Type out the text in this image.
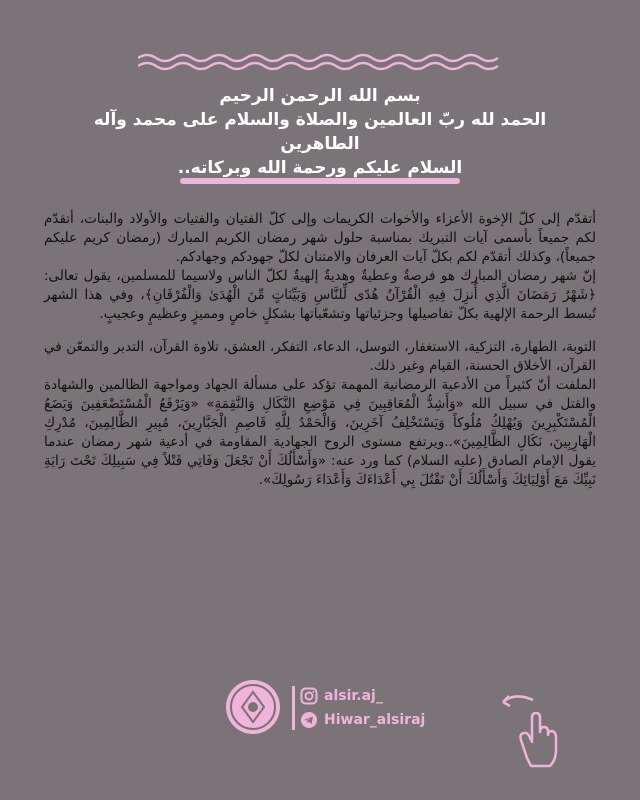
بسم الله الرحمن الرحيم
الحمد لله ربّ العالمين والصلاة والسلام على محمد وآله الطاهرين
السلام عليكم ورحمة الله وبركاته..

أتقدّم إلى كلّ الإخوة الأعزاء والأخوات الكريمات وإلى كلّ الفتيان والفتيات والأولاد والبنات، أتقدّم لكم جميعاً بأسمى آيات التبريك بمناسبة حلول شهر رمضان الكريم المبارك (رمضان كريم عليكم جميعاً)، وكذلك أتقدّم لكم بكلّ آيات العرفان والامتنان لكلّ جهودكم وجهادكم.

إنّ شهر رمضان المبارك هو فرصةٌ وعطيةٌ وهديةٌ إلهيةٌ لكلّ الناس ولاسيما للمسلمين، يقول تعالى: ﴿شَهْرُ رَمَضَانَ الَّذِي أُنزِلَ فِيهِ الْقُرْآنُ هُدًى لِّلنَّاسِ وَبَيِّنَاتٍ مِّنَ الْهُدَىٰ وَالْفُرْقَانِ﴾، وفي هذا الشهر تُبسط الرحمة الإلهية بكلّ تفاصيلها وجزئياتها وتشعّباتها بشكلٍ خاصٍ ومميزٍ وعظيمٍ وعجيبٍ.

التوبة، الطهارة، التزكية، الاستغفار، التوسل، الدعاء، التفكر، العشق، تلاوة القرآن، التدبر والتمعّن في القرآن، الأخلاق الحسنة، القيام وغير ذلك.

الملفت أنّ كثيراً من الأدعية الرمضانية المهمة تؤكد على مسألة الجهاد ومواجهة الظالمين والشهادة والقتل في سبيل الله «وَأَشِدُّ الْمُعَاقِبِينَ فِي مَوْضِعِ النَّكَالِ وَالنَّقِمَةِ» «وَيَرْفَعُ الْمُسْتَضْعَفِينَ وَيَضَعُ الْمُسْتَكْبِرِينَ وَيُهْلِكُ مُلُوكاً وَيَسْتَخْلِفُ آخَرِينَ، وَالْحَمْدُ لِلَّهِ قَاصِمِ الْجَبَّارِينَ، مُبِيرِ الظَّالِمِينَ، مُدْرِكِ الْهَارِبِينَ، نَكَالِ الظَّالِمِينَ»..ويرتفع مستوى الروح الجهادية المقاومة في أدعية شهر رمضان عندما يقول الإمام الصادق (عليه السلام) كما ورد عنه: «وَأَسْأَلُكَ أَنْ تَجْعَلَ وَفَاتِي قَتْلاً فِي سَبِيلِكَ تَحْتَ رَايَةِ نَبِيِّكَ مَعَ أَوْلِيَائِكَ وَأَسْأَلُكَ أَنْ تَقْتُلَ بِي أَعْدَاءَكَ وَأَعْدَاءَ رَسُولِكَ».

alsir.aj_
Hiwar_alsiraj
